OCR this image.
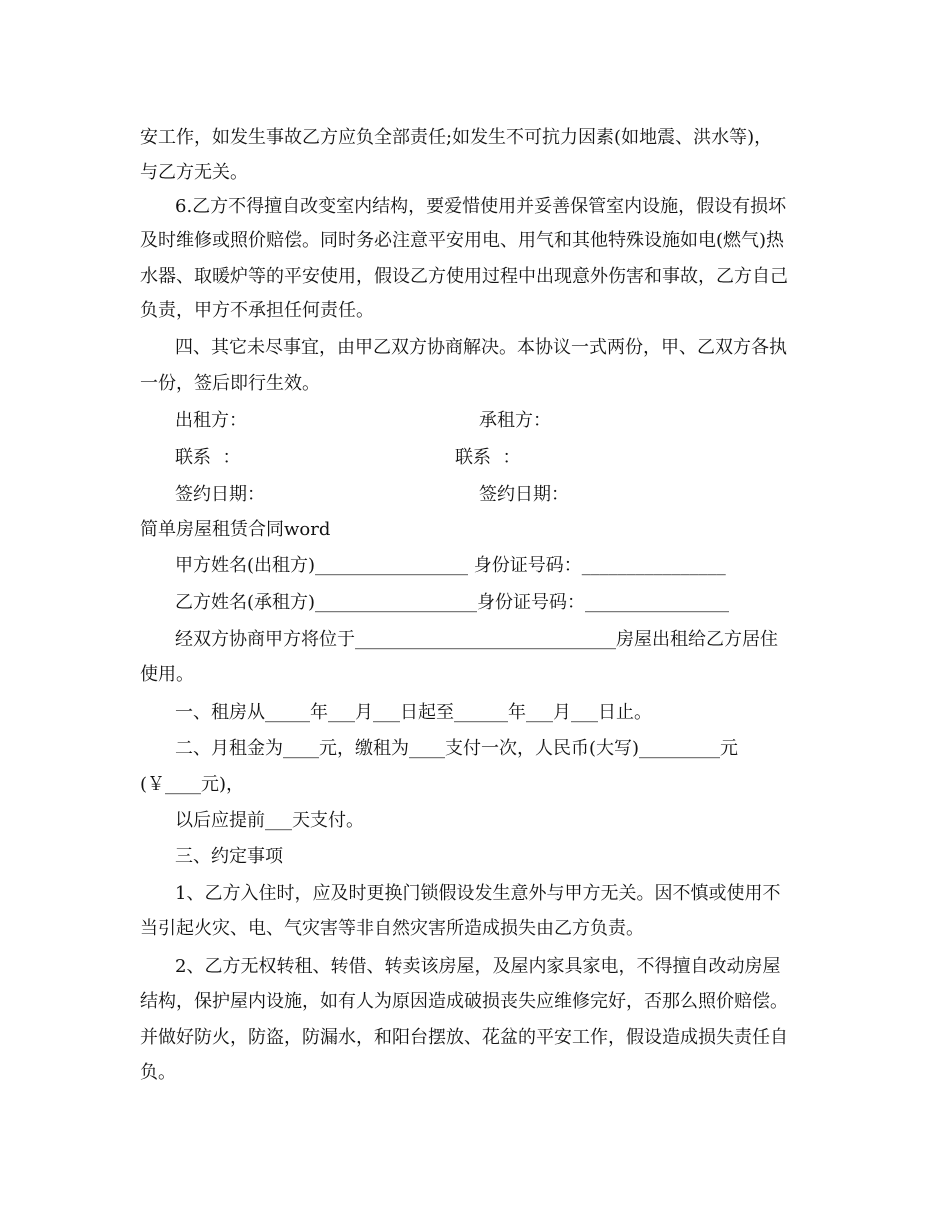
安工作，如发生事故乙方应负全部责任;如发生不可抗力因素(如地震、洪水等)，
与乙方无关。
6.乙方不得擅自改变室内结构，要爱惜使用并妥善保管室内设施，假设有损坏
及时维修或照价赔偿。同时务必注意平安用电、用气和其他特殊设施如电(燃气)热
水器、取暖炉等的平安使用，假设乙方使用过程中出现意外伤害和事故，乙方自己
负责，甲方不承担任何责任。
四、其它未尽事宜，由甲乙双方协商解决。本协议一式两份，甲、乙双方各执
一份，签后即行生效。
出租方：	承租方：
联系  ：	联系  ：
签约日期：	签约日期：
简单房屋租赁合同word
甲方姓名(出租方)_________________ 身份证号码：________________
乙方姓名(承租方)__________________身份证号码：________________
经双方协商甲方将位于_____________________________房屋出租给乙方居住
使用。
一、租房从_____年___月___日起至______年___月___日止。
二、月租金为____元，缴租为____支付一次，人民币(大写)_________元
(￥____元)，
以后应提前___天支付。
三、约定事项
1、乙方入住时，应及时更换门锁假设发生意外与甲方无关。因不慎或使用不
当引起火灾、电、气灾害等非自然灾害所造成损失由乙方负责。
2、乙方无权转租、转借、转卖该房屋，及屋内家具家电，不得擅自改动房屋
结构，保护屋内设施，如有人为原因造成破损丧失应维修完好，否那么照价赔偿。
并做好防火，防盗，防漏水，和阳台摆放、花盆的平安工作，假设造成损失责任自
负。
